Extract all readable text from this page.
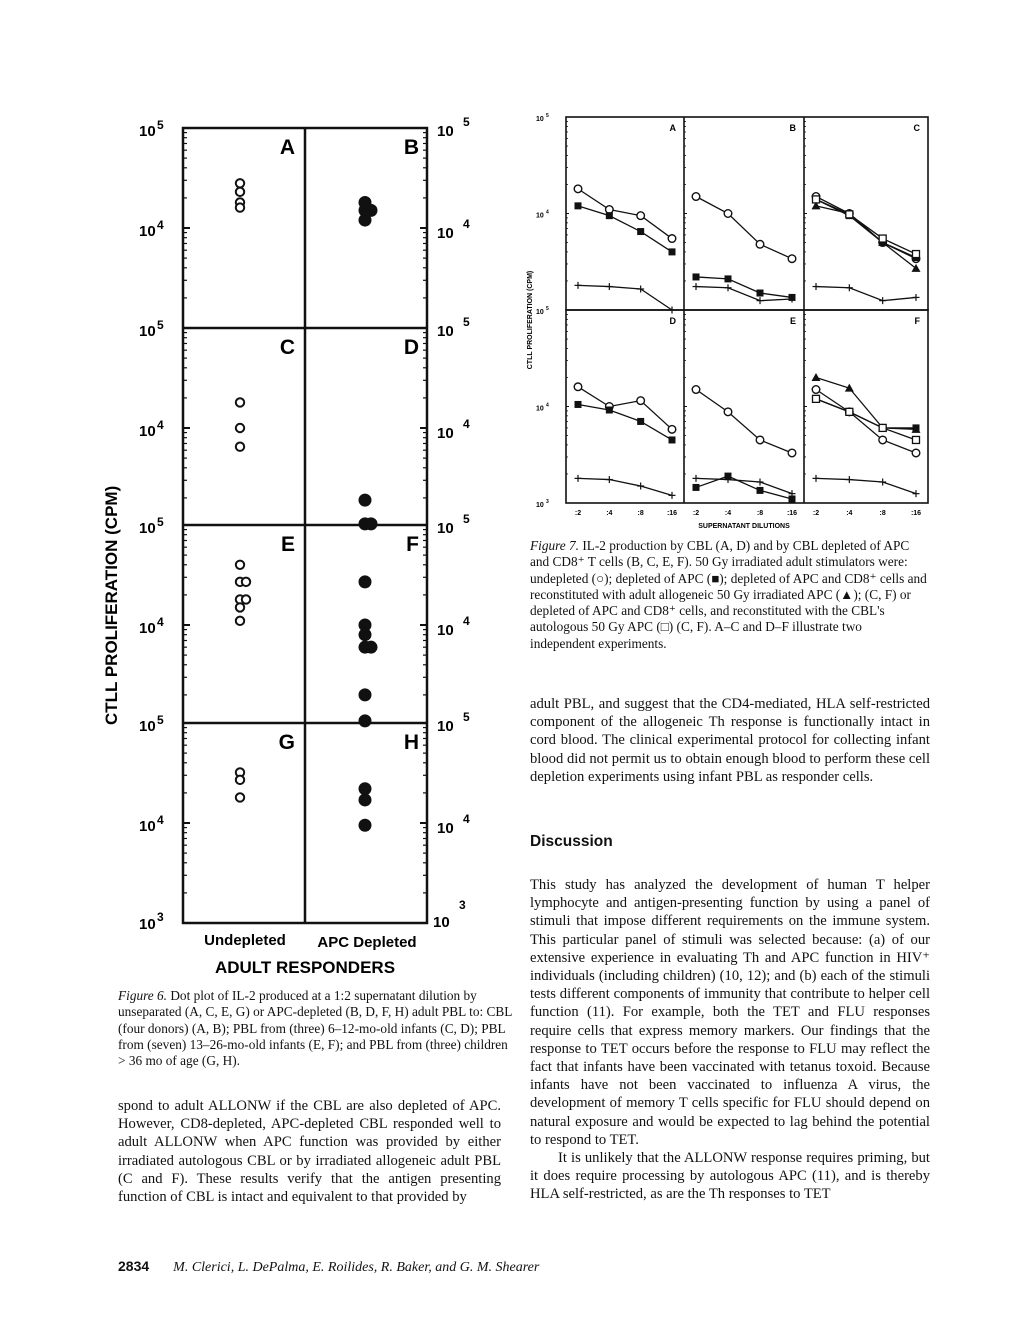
10 5
10 4
10
5
10
4
10 5
10 4
10
5
10
4
10 5
10 4
10
5
10
4
10 5
10 4
10
5
10
4
10 3	10
3
A	B
C	D
E	F
G	H
CTLL PROLIFERATION (CPM)
Undepleted APC Depleted
ADULT RESPONDERS
10 5
10 4
10 5
10 4
10 3
A	B	C
D
:2	:4	:8	:16
E
:2	:4	:8	:16
F
:2	:4	:8	:16
SUPERNATANT DILUTIONS
CTLL PROLIFERATION (CPM)
Figure 6. Dot plot of IL-2 produced at a 1:2 supernatant dilution by unseparated (A, C, E, G) or APC-depleted (B, D, F, H) adult PBL to: CBL (four donors) (A, B); PBL from (three) 6–12-mo-old infants (C, D); PBL from (seven) 13–26-mo-old infants (E, F); and PBL from (three) children > 36 mo of age (G, H).
Figure 7. IL-2 production by CBL (A, D) and by CBL depleted of APC and CD8⁺ T cells (B, C, E, F). 50 Gy irradiated adult stimulators were: undepleted (○); depleted of APC (■); depleted of APC and CD8⁺ cells and reconstituted with adult allogeneic 50 Gy irradiated APC (▲); (C, F) or depleted of APC and CD8⁺ cells, and reconstituted with the CBL's autologous 50 Gy APC (□) (C, F). A–C and D–F illustrate two independent experiments.

spond to adult ALLONW if the CBL are also depleted of APC. However, CD8-depleted, APC-depleted CBL responded well to adult ALLONW when APC function was provided by either irradiated autologous CBL or by irradiated allogeneic adult PBL (C and F). These results verify that the antigen presenting function of CBL is intact and equivalent to that provided by

adult PBL, and suggest that the CD4-mediated, HLA self-restricted component of the allogeneic Th response is functionally intact in cord blood. The clinical experimental protocol for collecting infant blood did not permit us to obtain enough blood to perform these cell depletion experiments using infant PBL as responder cells.

Discussion

This study has analyzed the development of human T helper lymphocyte and antigen-presenting function by using a panel of stimuli that impose different requirements on the immune system. This particular panel of stimuli was selected because: (a) of our extensive experience in evaluating Th and APC function in HIV⁺ individuals (including children) (10, 12); and (b) each of the stimuli tests different components of immunity that contribute to helper cell function (11). For example, both the TET and FLU responses require cells that express memory markers. Our findings that the response to TET occurs before the response to FLU may reflect the fact that infants have been vaccinated with tetanus toxoid. Because infants have not been vaccinated to influenza A virus, the development of memory T cells specific for FLU should depend on natural exposure and would be expected to lag behind the potential to respond to TET.

It is unlikely that the ALLONW response requires priming, but it does require processing by autologous APC (11), and is thereby HLA self-restricted, as are the Th responses to TET

2834 M. Clerici, L. DePalma, E. Roilides, R. Baker, and G. M. Shearer
